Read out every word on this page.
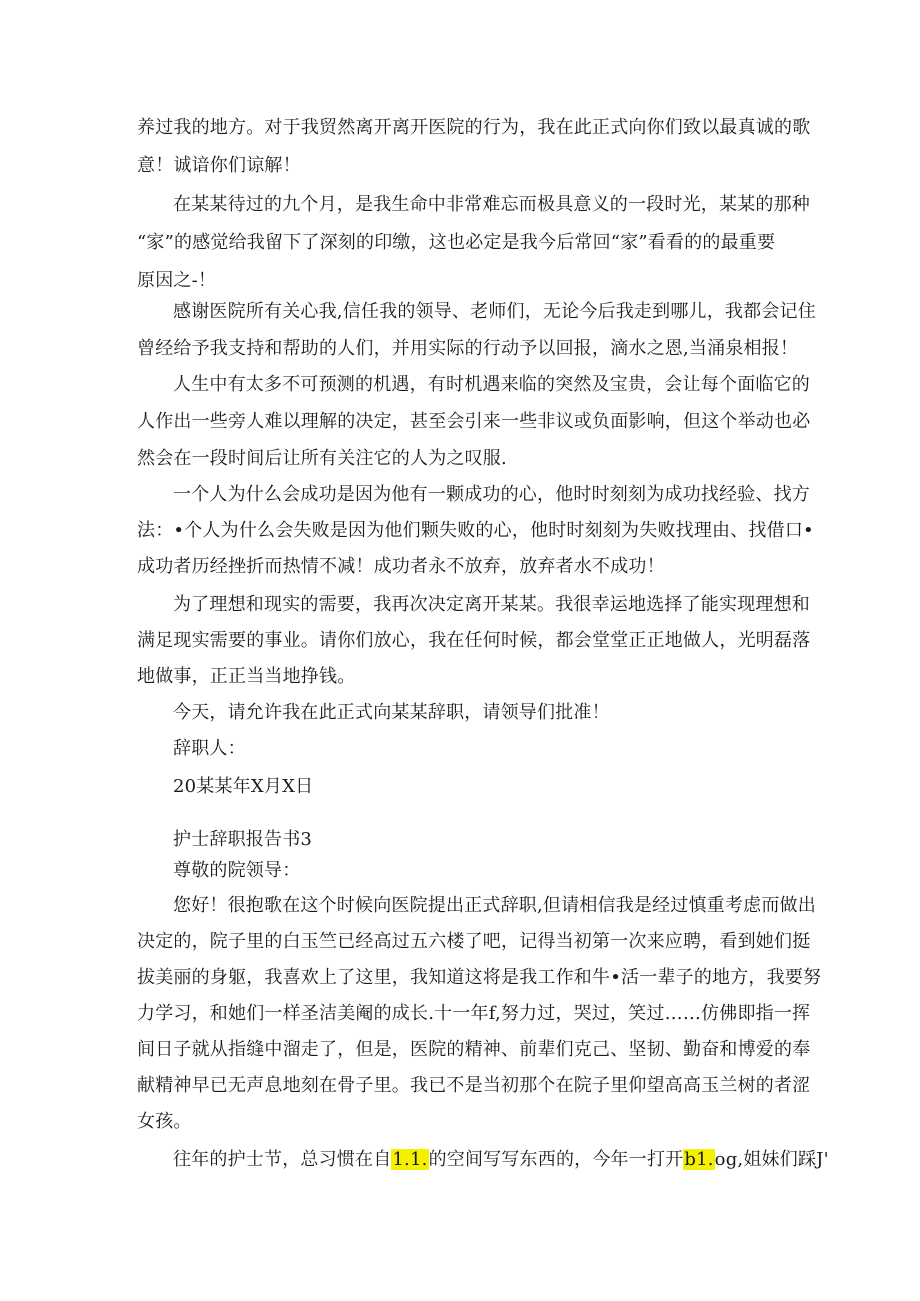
养过我的地方。对于我贸然离开离开医院的行为，我在此正式向你们致以最真诚的歌
意！诚谙你们谅解！
在某某待过的九个月，是我生命中非常难忘而极具意义的一段时光，某某的那种
“家”的感觉给我留下了深刻的印缴，这也必定是我今后常回“家”看看的的最重要
原因之-！
感谢医院所有关心我,信任我的领导、老师们，无论今后我走到哪儿，我都会记住
曾经给予我支持和帮助的人们，并用实际的行动予以回报，滴水之恩,当涌泉相报！
人生中有太多不可预测的机遇，有时机遇来临的突然及宝贵，会让每个面临它的
人作出一些旁人难以理解的决定，甚至会引来一些非议或负面影响，但这个举动也必
然会在一段时间后让所有关注它的人为之叹服.
一个人为什么会成功是因为他有一颗成功的心，他时时刻刻为成功找经验、找方
法：•个人为什么会失败是因为他们颗失败的心，他时时刻刻为失败找理由、找借口•
成功者历经挫折而热情不减！成功者永不放弃，放弃者水不成功！
为了理想和现实的需要，我再次决定离开某某。我很幸运地选择了能实现理想和
满足现实需要的事业。请你们放心，我在任何时候，都会堂堂正正地做人，光明磊落
地做事，正正当当地挣钱。
今天，请允许我在此正式向某某辞职，请领导们批准！
辞职人：
20某某年X月X日
护士辞职报告书3
尊敬的院领导：
您好！很抱歌在这个时候向医院提出正式辞职,但请相信我是经过慎重考虑而做出
决定的，院子里的白玉竺已经高过五六楼了吧，记得当初第一次来应聘，看到她们挺
拔美丽的身躯，我喜欢上了这里，我知道这将是我工作和牛•活一辈子的地方，我要努
力学习，和她们一样圣洁美阉的成长.十一年f,努力过，哭过，笑过……仿佛即指一挥
间日子就从指缝中溜走了，但是，医院的精神、前辈们克己、坚韧、勤奋和博爱的奉
献精神早已无声息地刻在骨子里。我已不是当初那个在院子里仰望高高玉兰树的者涩
女孩。
往年的护士节，总习惯在自1.1.的空间写写东西的，今年一打开b1.og,姐妹们踩J'
